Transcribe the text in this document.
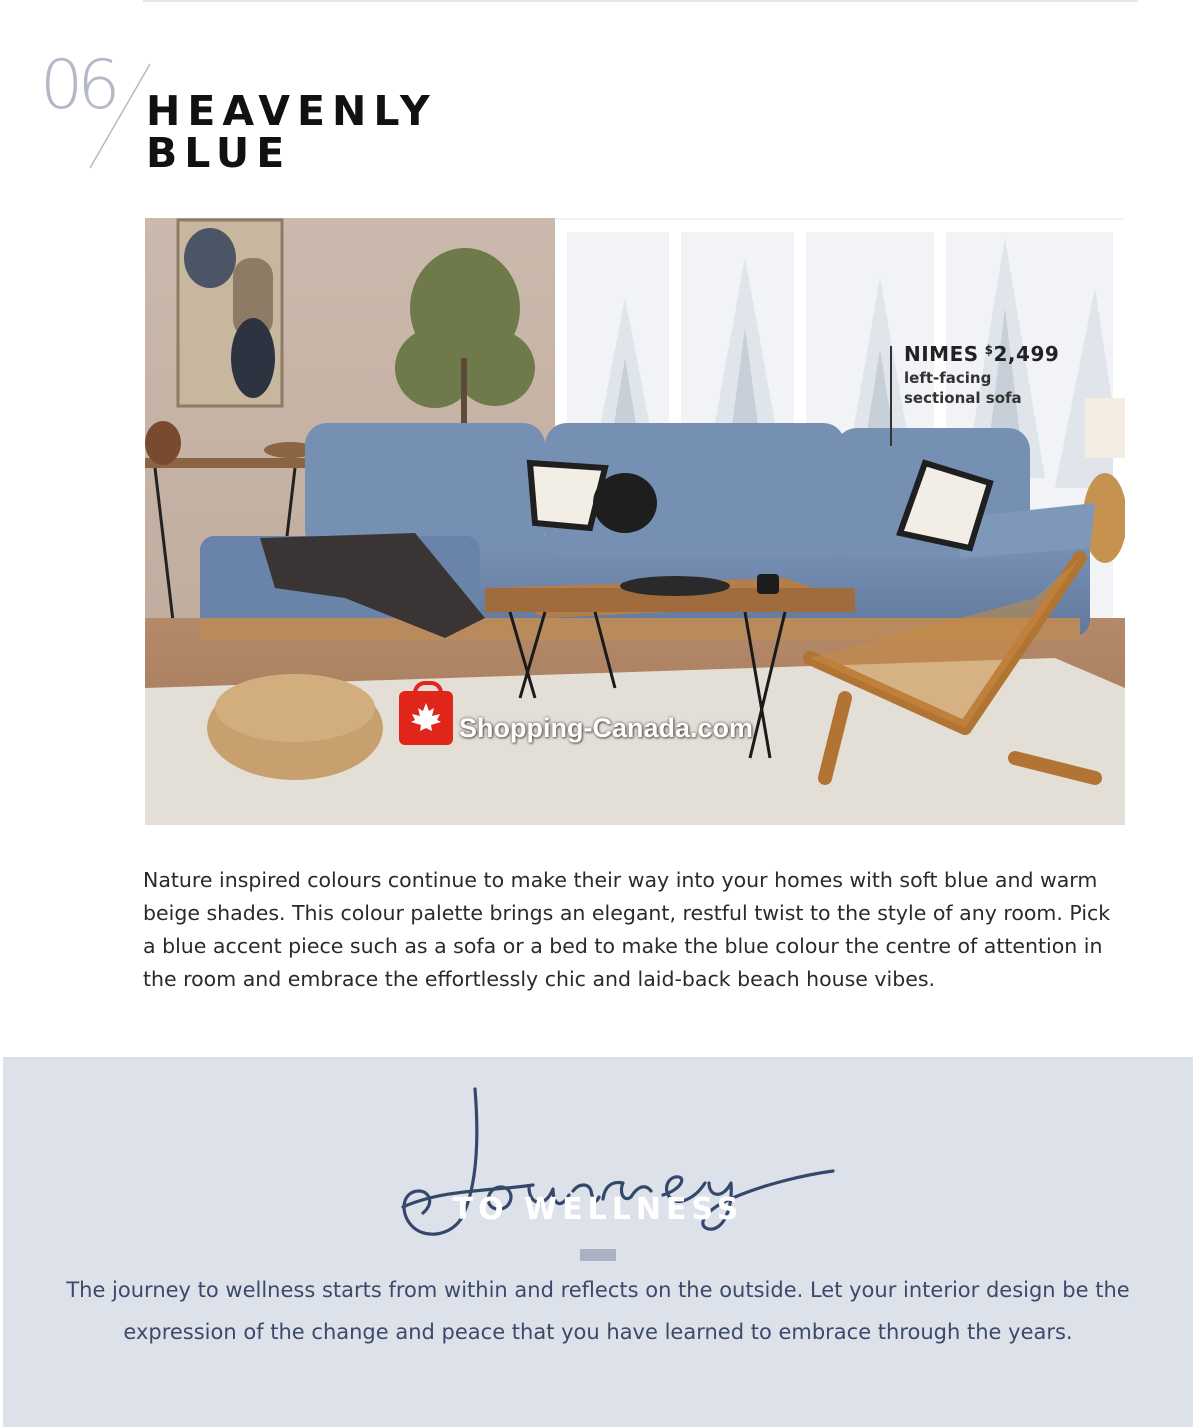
06 HEAVENLY
BLUE
NIMES $2,499
left-facing
sectional sofa
Shopping-Canada.com

Nature inspired colours continue to make their way into your homes with soft blue and warm beige shades. This colour palette brings an elegant, restful twist to the style of any room. Pick a blue accent piece such as a sofa or a bed to make the blue colour the centre of attention in the room and embrace the effortlessly chic and laid-back beach house vibes.

TO WELLNESS

The journey to wellness starts from within and reflects on the outside. Let your interior design be the expression of the change and peace that you have learned to embrace through the years.
